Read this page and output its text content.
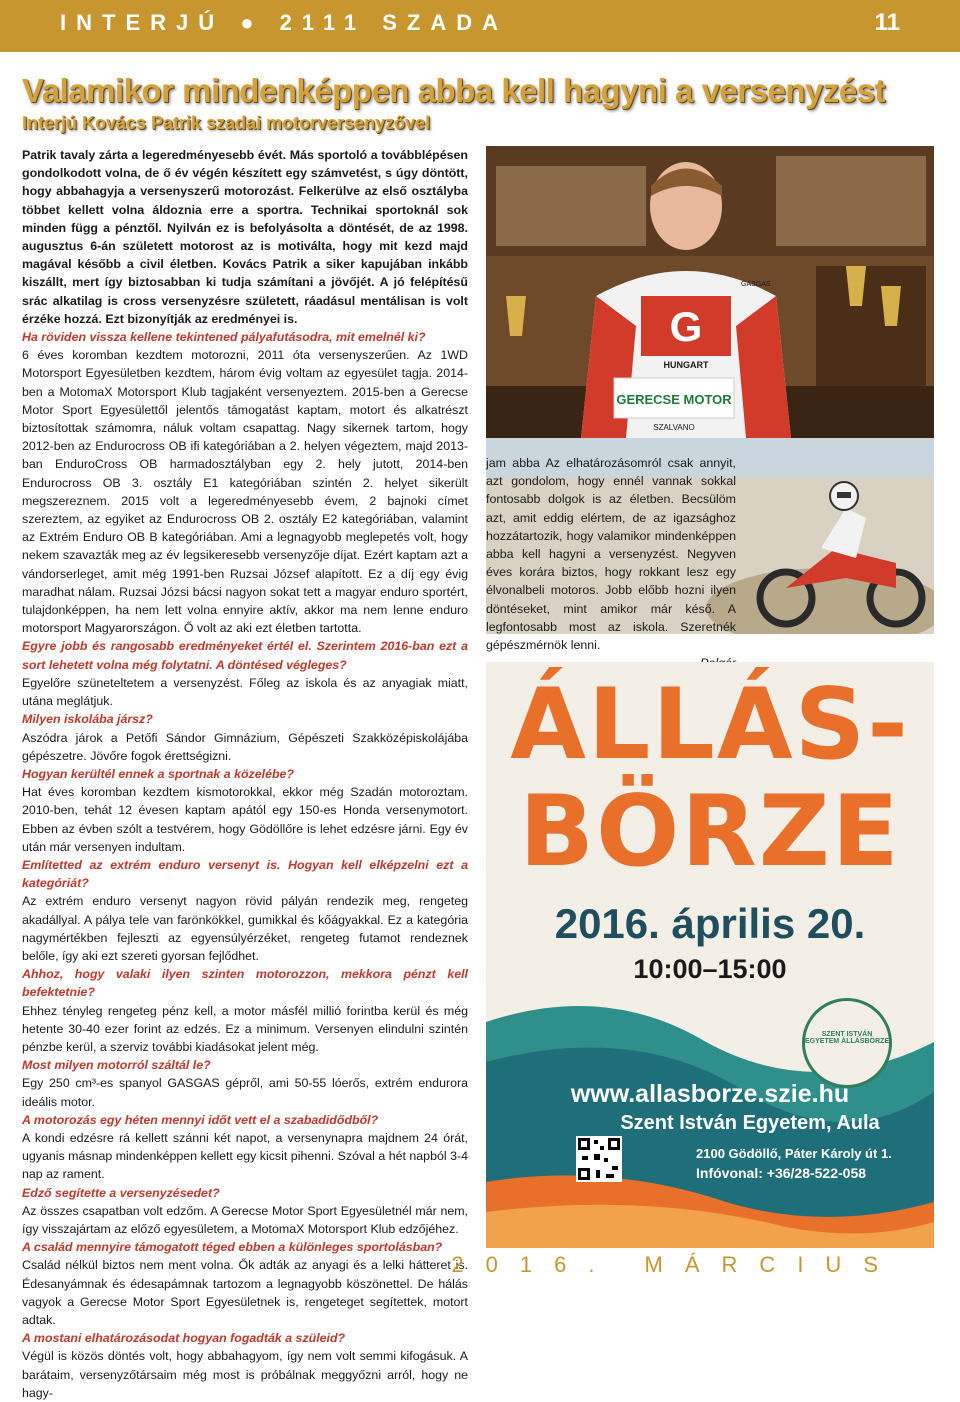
INTERJÚ ● 2111 SZADA	11
Valamikor mindenképpen abba kell hagyni a versenyzést
Interjú Kovács Patrik szadai motorversenyzővel

Patrik tavaly zárta a legeredményesebb évét. Más sportoló a továbblépésen gondolkodott volna, de ő év végén készített egy számvetést, s úgy döntött, hogy abbahagyja a versenyszerű motorozást. Felkerülve az első osztályba többet kellett volna áldoznia erre a sportra. Technikai sportoknál sok minden függ a pénztől. Nyilván ez is befolyásolta a döntését, de az 1998. augusztus 6-án született motorost az is motiválta, hogy mit kezd majd magával később a civil életben. Kovács Patrik a siker kapujában inkább kiszállt, mert így biztosabban ki tudja számítani a jövőjét. A jó felépítésű srác alkatilag is cross versenyzésre született, ráadásul mentálisan is volt érzéke hozzá. Ezt bizonyítják az eredményei is.

Ha röviden vissza kellene tekintened pályafutásodra, mit emelnél ki?

6 éves koromban kezdtem motorozni, 2011 óta versenyszerűen. Az 1WD Motorsport Egyesületben kezdtem, három évig voltam az egyesület tagja. 2014-ben a MotomaX Motorsport Klub tagjaként versenyeztem. 2015-ben a Gerecse Motor Sport Egyesülettől jelentős támogatást kaptam, motort és alkatrészt biztosítottak számomra, náluk voltam csapattag. Nagy sikernek tartom, hogy 2012-ben az Endurocross OB ifi kategóriában a 2. helyen végeztem, majd 2013-ban EnduroCross OB harmadosztályban egy 2. hely jutott, 2014-ben Endurocross OB 3. osztály E1 kategóriában szintén 2. helyet sikerült megszereznem. 2015 volt a legeredményesebb évem, 2 bajnoki címet szereztem, az egyiket az Endurocross OB 2. osztály E2 kategóriában, valamint az Extrém Enduro OB B kategóriában. Ami a legnagyobb meglepetés volt, hogy nekem szavazták meg az év legsikeresebb versenyzője díjat. Ezért kaptam azt a vándorserleget, amit még 1991-ben Ruzsai József alapított. Ez a díj egy évig maradhat nálam. Ruzsai Józsi bácsi nagyon sokat tett a magyar enduro sportért, tulajdonképpen, ha nem lett volna ennyire aktív, akkor ma nem lenne enduro motorsport Magyarországon. Ő volt az aki ezt életben tartotta.

Egyre jobb és rangosabb eredményeket értél el. Szerintem 2016-ban ezt a sort lehetett volna még folytatni. A döntésed végleges?

Egyelőre szüneteltetem a versenyzést. Főleg az iskola és az anyagiak miatt, utána meglátjuk.

Milyen iskolába jársz?

Aszódra járok a Petőfi Sándor Gimnázium, Gépészeti Szakközépiskolájába gépészetre. Jövőre fogok érettségizni.

Hogyan kerültél ennek a sportnak a közelébe?

Hat éves koromban kezdtem kismotorokkal, ekkor még Szadán motoroztam. 2010-ben, tehát 12 évesen kaptam apától egy 150-es Honda versenymotort. Ebben az évben szólt a testvérem, hogy Gödöllőre is lehet edzésre járni. Egy év után már versenyen indultam.

Említetted az extrém enduro versenyt is. Hogyan kell elképzelni ezt a kategóriát?

Az extrém enduro versenyt nagyon rövid pályán rendezik meg, rengeteg akadállyal. A pálya tele van farönkökkel, gumikkal és kőágyakkal. Ez a kategória nagymértékben fejleszti az egyensúlyérzéket, rengeteg futamot rendeznek belőle, így aki ezt szereti gyorsan fejlődhet.

Ahhoz, hogy valaki ilyen szinten motorozzon, mekkora pénzt kell befektetnie?

Ehhez tényleg rengeteg pénz kell, a motor másfél millió forintba kerül és még hetente 30-40 ezer forint az edzés. Ez a minimum. Versenyen elindulni szintén pénzbe kerül, a szerviz további kiadásokat jelent még.

Most milyen motorról száltál le?

Egy 250 cm³-es spanyol GASGAS gépről, ami 50-55 lóerős, extrém endurora ideális motor.

A motorozás egy héten mennyi időt vett el a szabadidődből?

A kondi edzésre rá kellett szánni két napot, a versenynapra majdnem 24 órát, ugyanis másnap mindenképpen kellett egy kicsit pihenni. Szóval a hét napból 3-4 nap az rament.

Edző segítette a versenyzésedet?

Az összes csapatban volt edzőm. A Gerecse Motor Sport Egyesületnél már nem, így visszajártam az előző egyesületem, a MotomaX Motorsport Klub edzőjéhez.

A család mennyire támogatott téged ebben a különleges sportolásban?

Család nélkül biztos nem ment volna. Ők adták az anyagi és a lelki hátteret is. Édesanyámnak és édesapámnak tartozom a legnagyobb köszönettel. De hálás vagyok a Gerecse Motor Sport Egyesületnek is, rengeteget segítettek, motort adtak.

A mostani elhatározásodat hogyan fogadták a szüleid?

Végül is közös döntés volt, hogy abbahagyom, így nem volt semmi kifogásuk. A barátaim, versenyzőtársaim még most is próbálnak meggyőzni arról, hogy ne hagy-

G
HUNGART
GERECSE MOTOR
SZALVANO
GASGAS
jam abba Az elhatározásomról csak annyit, azt gondolom, hogy ennél vannak sokkal fontosabb dolgok is az életben. Becsülöm azt, amit eddig elértem, de az igazsághoz hozzátartozik, hogy valamikor mindenképpen abba kell hagyni a versenyzést. Negyven éves korára biztos, hogy rokkant lesz egy élvonalbeli motoros. Jobb előbb hozni ilyen döntéseket, mint amikor már késő. A legfontosabb most az iskola. Szeretnék gépészmérnök lenni.
ÁLLÁS-
BÖRZE
2016. április 20.
10:00–15:00
SZENT ISTVÁN EGYETEM ÁLLÁSBÖRZE
www.allasborze.szie.hu
Szent István Egyetem, Aula
2100 Gödöllő, Páter Károly út 1.
Infóvonal: +36/28-522-058
2016. MÁRCIUS
